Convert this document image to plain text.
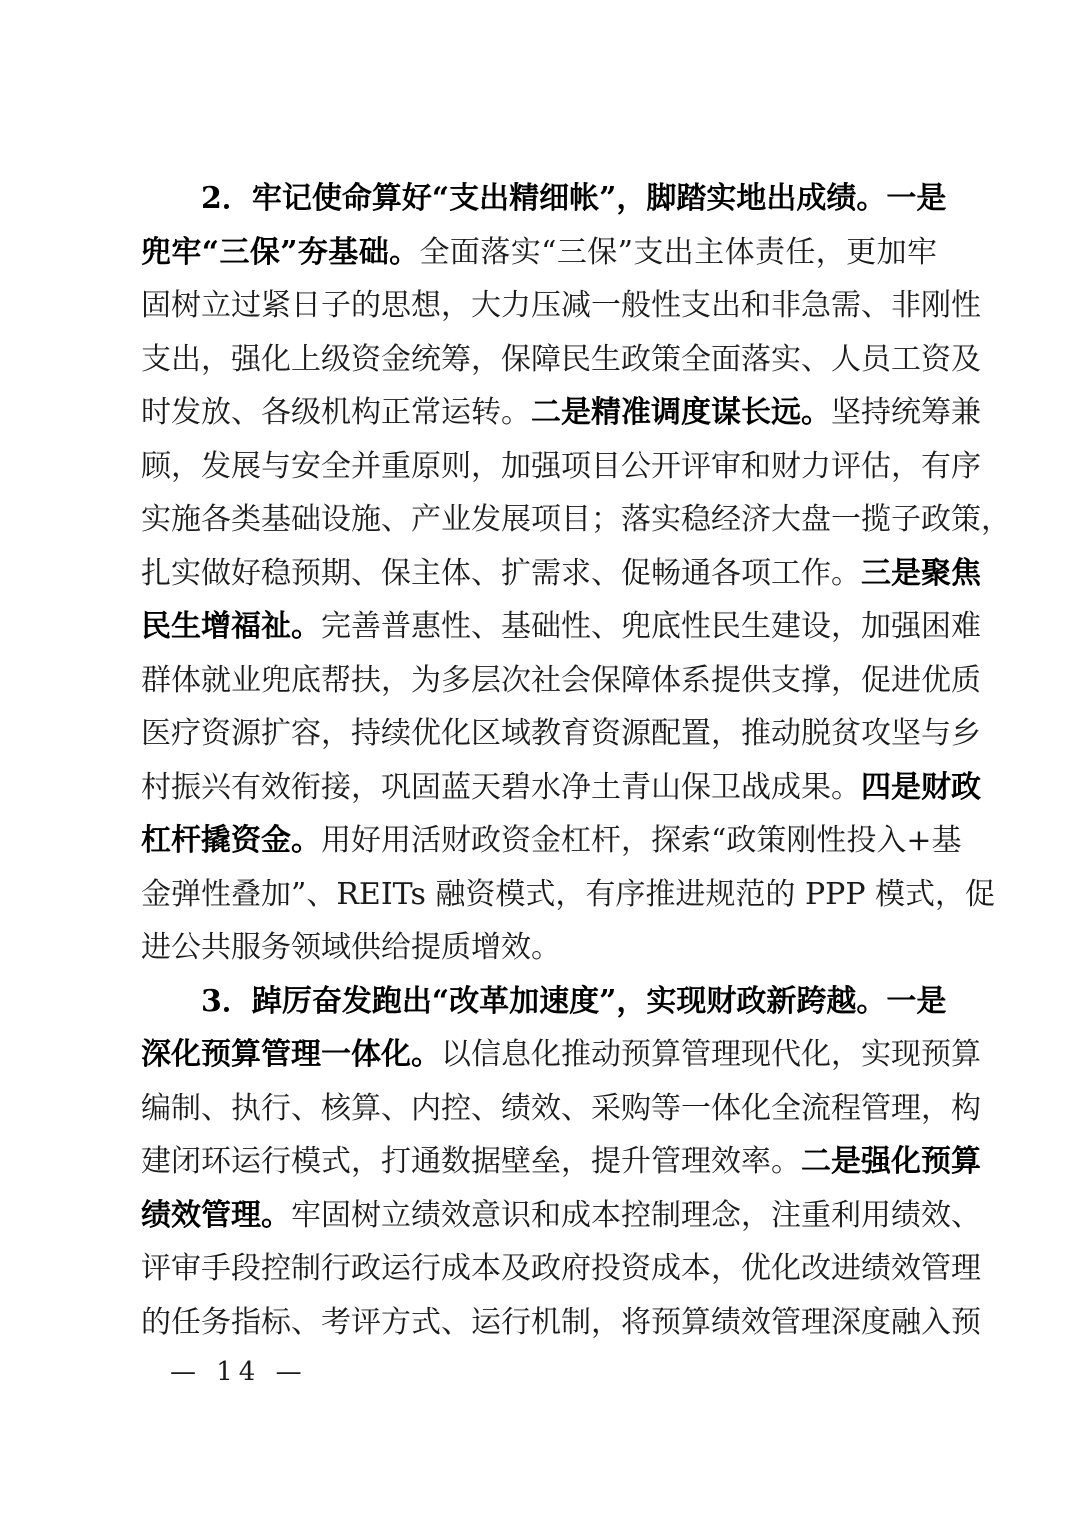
2．牢记使命算好“支出精细帐”，脚踏实地出成绩。一是
兜牢“三保”夯基础。全面落实“三保”支出主体责任，更加牢
固树立过紧日子的思想，大力压减一般性支出和非急需、非刚性
支出，强化上级资金统筹，保障民生政策全面落实、人员工资及
时发放、各级机构正常运转。二是精准调度谋长远。坚持统筹兼
顾，发展与安全并重原则，加强项目公开评审和财力评估，有序
实施各类基础设施、产业发展项目；落实稳经济大盘一揽子政策，
扎实做好稳预期、保主体、扩需求、促畅通各项工作。三是聚焦
民生增福祉。完善普惠性、基础性、兜底性民生建设，加强困难
群体就业兜底帮扶，为多层次社会保障体系提供支撑，促进优质
医疗资源扩容，持续优化区域教育资源配置，推动脱贫攻坚与乡
村振兴有效衔接，巩固蓝天碧水净土青山保卫战成果。四是财政
杠杆撬资金。用好用活财政资金杠杆，探索“政策刚性投入+基
金弹性叠加”、REITs 融资模式，有序推进规范的 PPP 模式，促
进公共服务领域供给提质增效。
3．踔厉奋发跑出“改革加速度”，实现财政新跨越。一是
深化预算管理一体化。以信息化推动预算管理现代化，实现预算
编制、执行、核算、内控、绩效、采购等一体化全流程管理，构
建闭环运行模式，打通数据壁垒，提升管理效率。二是强化预算
绩效管理。牢固树立绩效意识和成本控制理念，注重利用绩效、
评审手段控制行政运行成本及政府投资成本，优化改进绩效管理
的任务指标、考评方式、运行机制，将预算绩效管理深度融入预
— 14 —
